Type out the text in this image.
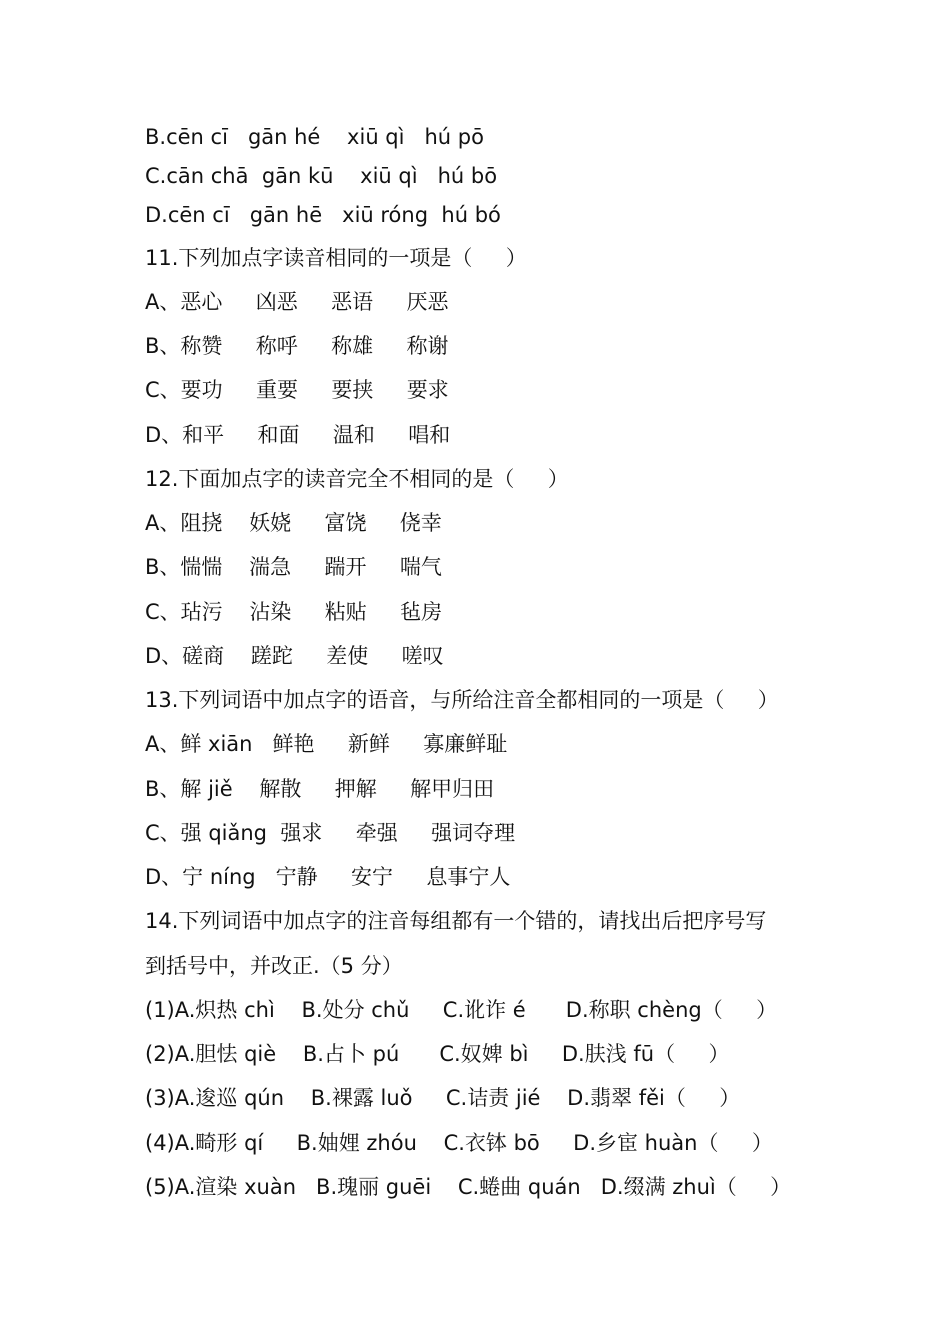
B.cēn cī   gān hé    xiū qì   hú pō
C.cān chā  gān kū    xiū qì   hú bō
D.cēn cī   gān hē   xiū róng  hú bó
11.下列加点字读音相同的一项是（     ）
A、恶心     凶恶     恶语     厌恶
B、称赞     称呼     称雄     称谢
C、要功     重要     要挟     要求
D、和平     和面     温和     唱和
12.下面加点字的读音完全不相同的是（     ）
A、阻挠    妖娆     富饶     侥幸
B、惴惴    湍急     踹开     喘气
C、玷污    沾染     粘贴     毡房
D、磋商    蹉跎     差使     嗟叹
13.下列词语中加点字的语音，与所给注音全都相同的一项是（     ）
A、鲜 xiān   鲜艳     新鲜     寡廉鲜耻
B、解 jiě    解散     押解     解甲归田
C、强 qiǎng  强求     牵强     强词夺理
D、宁 níng   宁静     安宁     息事宁人
14.下列词语中加点字的注音每组都有一个错的，请找出后把序号写
到括号中，并改正.（5 分）
(1)A.炽热 chì    B.处分 chǔ     C.讹诈 é      D.称职 chèng（     ）
(2)A.胆怯 qiè    B.占卜 pú      C.奴婢 bì     D.肤浅 fū（     ）
(3)A.逡巡 qún    B.裸露 luǒ     C.诘责 jié    D.翡翠 fěi（     ）
(4)A.畸形 qí     B.妯娌 zhóu    C.衣钵 bō     D.乡宦 huàn（     ）
(5)A.渲染 xuàn   B.瑰丽 guēi    C.蜷曲 quán   D.缀满 zhuì（     ）
